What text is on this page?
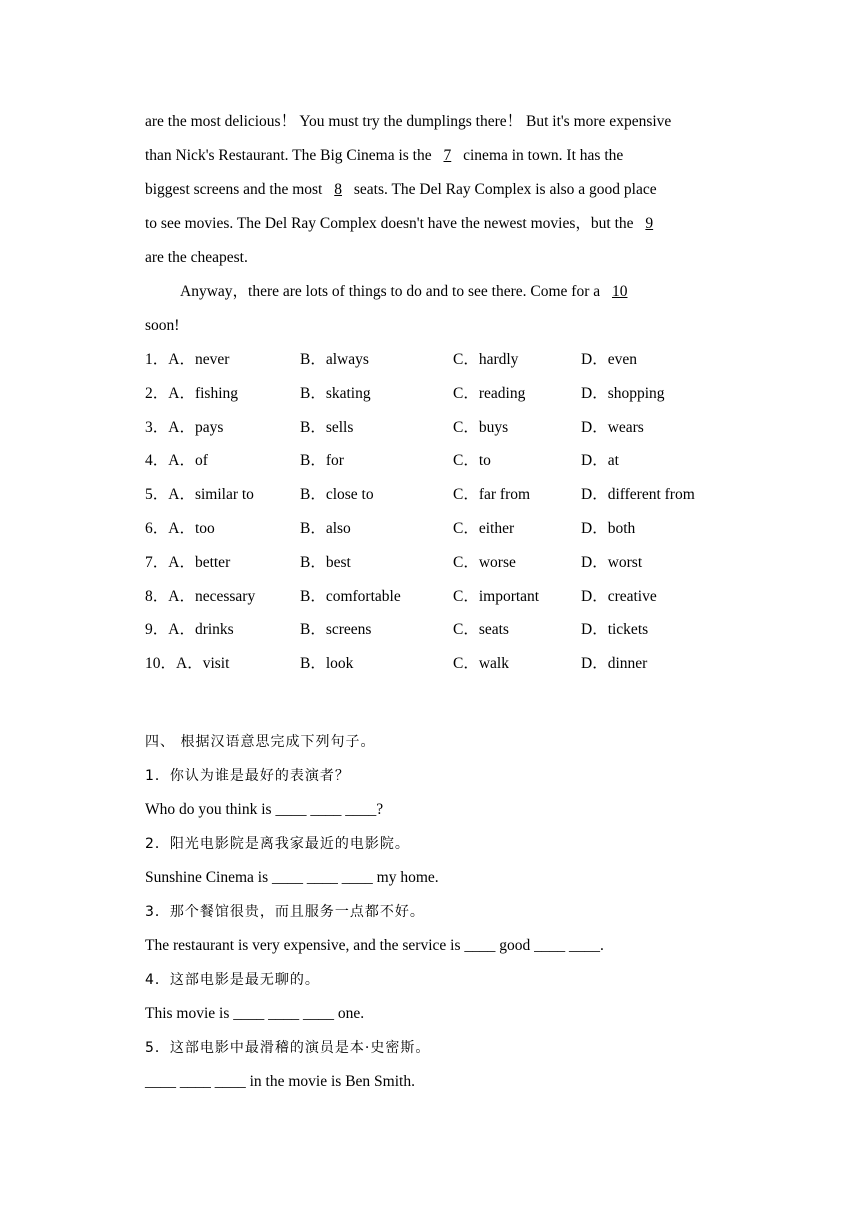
are the most delicious！ You must try the dumplings there！ But it's more expensive
than Nick's Restaurant. The Big Cinema is the 7 cinema in town. It has the
biggest screens and the most 8 seats. The Del Ray Complex is also a good place
to see movies. The Del Ray Complex doesn't have the newest movies，but the 9
are the cheapest.
Anyway，there are lots of things to do and to see there. Come for a 10
soon!
1．A．never	B．always	C．hardly	D．even
2．A．fishing	B．skating	C．reading	D．shopping
3．A．pays	B．sells	C．buys	D．wears
4．A．of	B．for	C．to	D．at
5．A．similar to	B．close to	C．far from	D．different from
6．A．too	B．also	C．either	D．both
7．A．better	B．best	C．worse	D．worst
8．A．necessary	B．comfortable	C．important	D．creative
9．A．drinks	B．screens	C．seats	D．tickets
10．A．visit	B．look	C．walk	D．dinner
四、 根据汉语意思完成下列句子。
1．你认为谁是最好的表演者？
Who do you think is ____ ____ ____?
2．阳光电影院是离我家最近的电影院。
Sunshine Cinema is ____ ____ ____ my home.
3．那个餐馆很贵，而且服务一点都不好。
The restaurant is very expensive, and the service is ____ good ____ ____.
4．这部电影是最无聊的。
This movie is ____ ____ ____ one.
5．这部电影中最滑稽的演员是本·史密斯。
____ ____ ____ in the movie is Ben Smith.
